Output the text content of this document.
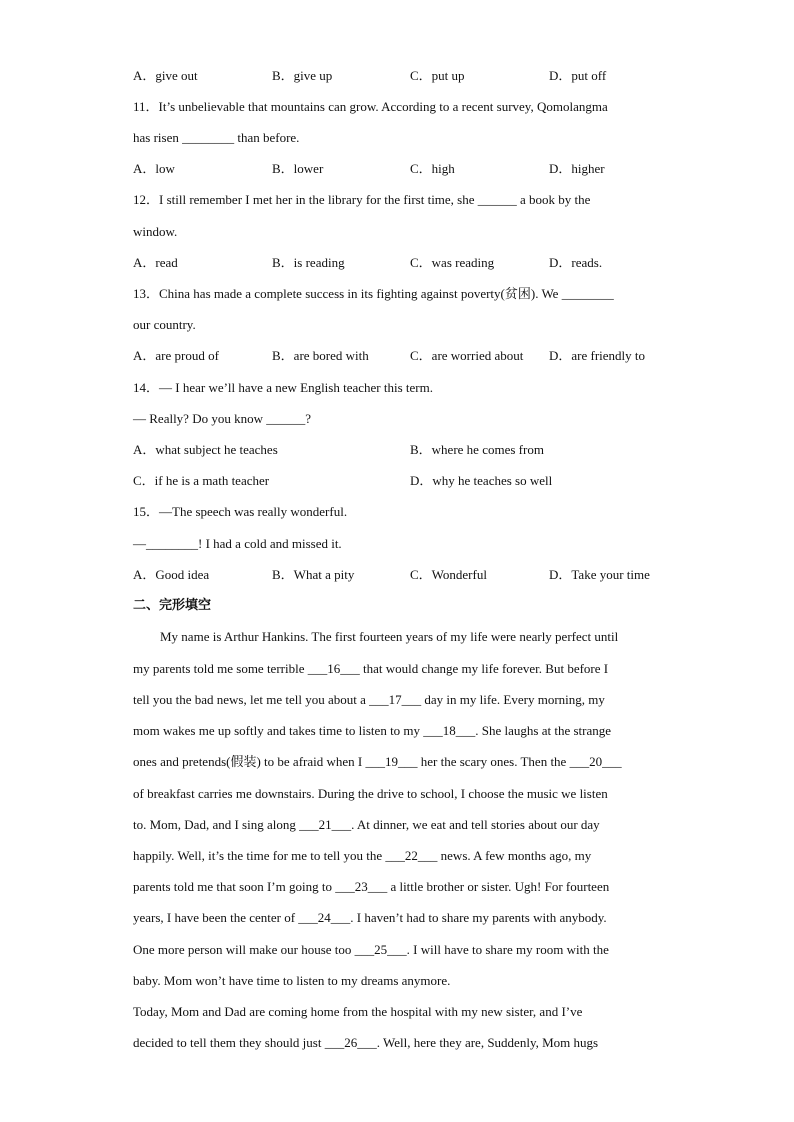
A．give out	B．give up	C．put up	D．put off
11．It’s unbelievable that mountains can grow. According to a recent survey, Qomolangma
has risen ________ than before.
A．low	B．lower	C．high	D．higher
12．I still remember I met her in the library for the first time, she ______ a book by the
window.
A．read	B．is reading	C．was reading	D．reads.
13．China has made a complete success in its fighting against poverty(贫困). We ________
our country.
A．are proud of	B．are bored with	C．are worried about D．are friendly to
14．— I hear we’ll have a new English teacher this term.
— Really? Do you know ______?
A．what subject he teaches	B．where he comes from
C．if he is a math teacher	D．why he teaches so well
15．—The speech was really wonderful.
—________! I had a cold and missed it.
A．Good idea	B．What a pity	C．Wonderful	D．Take your time
二、完形填空
My name is Arthur Hankins. The first fourteen years of my life were nearly perfect until
my parents told me some terrible ___16___ that would change my life forever. But before I
tell you the bad news, let me tell you about a ___17___ day in my life. Every morning, my
mom wakes me up softly and takes time to listen to my ___18___. She laughs at the strange
ones and pretends(假装) to be afraid when I ___19___ her the scary ones. Then the ___20___
of breakfast carries me downstairs. During the drive to school, I choose the music we listen
to. Mom, Dad, and I sing along ___21___. At dinner, we eat and tell stories about our day
happily. Well, it’s the time for me to tell you the ___22___ news. A few months ago, my
parents told me that soon I’m going to ___23___ a little brother or sister. Ugh! For fourteen
years, I have been the center of ___24___. I haven’t had to share my parents with anybody.
One more person will make our house too ___25___. I will have to share my room with the
baby. Mom won’t have time to listen to my dreams anymore.
Today, Mom and Dad are coming home from the hospital with my new sister, and I’ve
decided to tell them they should just ___26___. Well, here they are, Suddenly, Mom hugs
